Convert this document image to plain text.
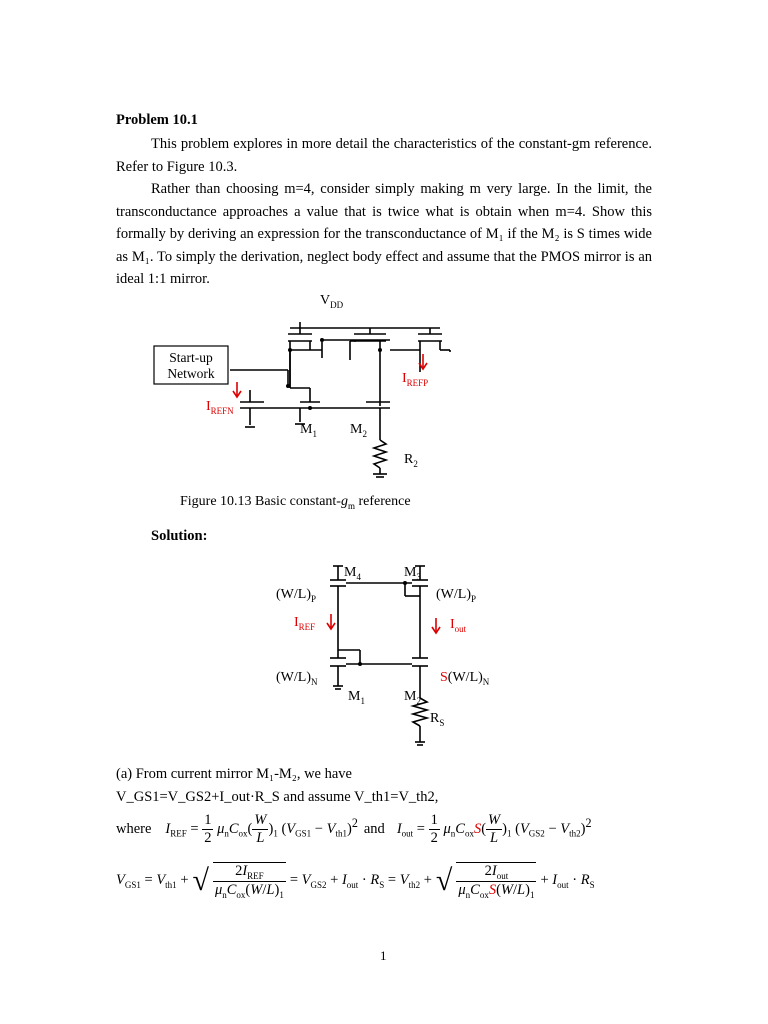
Problem 10.1
This problem explores in more detail the characteristics of the constant-gm reference. Refer to Figure 10.3.
Rather than choosing m=4, consider simply making m very large. In the limit, the transconductance approaches a value that is twice what is obtain when m=4. Show this formally by deriving an expression for the transconductance of M₁ if the M₂ is S times wide as M₁. To simply the derivation, neglect body effect and assume that the PMOS mirror is an ideal 1:1 mirror.
$V_{DD}$
Start-up
Network
$I_{REFN}$
$I_{REFP}$
$M_1$ $M_2$
$R_2$
Figure 10.13 Basic constant-$g_m$ reference
Solution:
$M_4$	$M_3$
$(W/L)_P$	$(W/L)_P$
$I_{REF}$	$I_{out}$
$(W/L)_N$	$S(W/L)_N$
$M_1$	$M_2$
$R_S$
(a) From current mirror M₁-M₂, we have
V_GS1=V_GS2+I_out·R_S and assume V_th1=V_th2,
where $I_{REF} = \frac{1}{2} \mu_nC_{ox}( \frac{W}{L} )_1$ $(V_{GS1} - V_{th1})^2$ and $I_{out} = \frac{1}{2} \mu_nC_{ox}S( \frac{W}{L} )_1$ $(V_{GS2} - V_{th2})^2$
$V_{GS1} = V_{th1}$ + √ $\frac{2I_{REF}}{\mu_nC_{ox}(W/L)_1} = V_{GS2} + I_{out} \cdot R_S = V_{th2}$ + √ $\frac{2I_{out}}{\mu_nC_{ox}S(W/L)_1} + I_{out} \cdot R_S$
1
